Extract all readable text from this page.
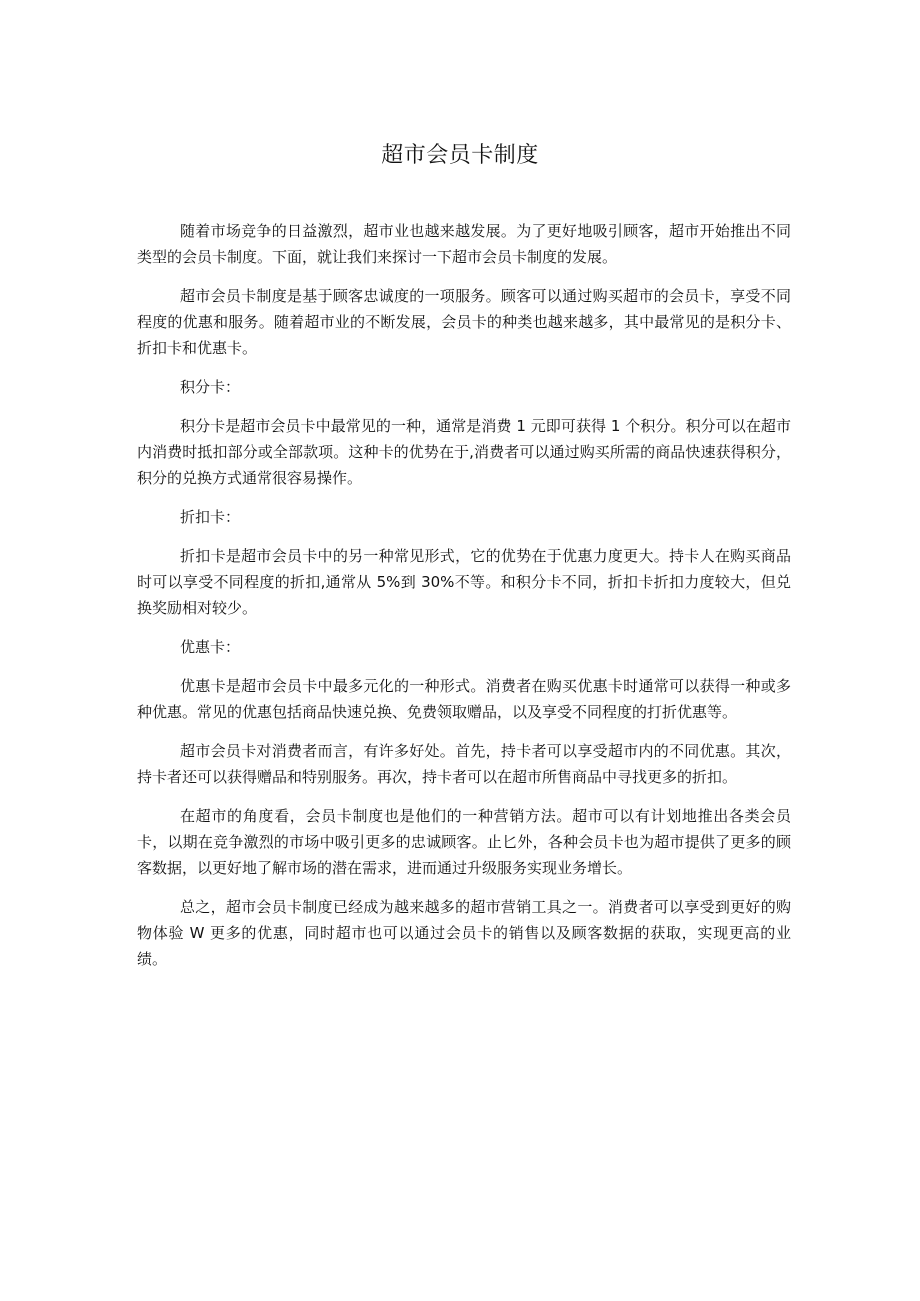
超市会员卡制度

随着市场竞争的日益激烈，超市业也越来越发展。为了更好地吸引顾客，超市开始推出不同类型的会员卡制度。下面，就让我们来探讨一下超市会员卡制度的发展。

超市会员卡制度是基于顾客忠诚度的一项服务。顾客可以通过购买超市的会员卡，享受不同程度的优惠和服务。随着超市业的不断发展，会员卡的种类也越来越多，其中最常见的是积分卡、折扣卡和优惠卡。

积分卡：

积分卡是超市会员卡中最常见的一种，通常是消费 1 元即可获得 1 个积分。积分可以在超市内消费时抵扣部分或全部款项。这种卡的优势在于,消费者可以通过购买所需的商品快速获得积分，积分的兑换方式通常很容易操作。

折扣卡：

折扣卡是超市会员卡中的另一种常见形式，它的优势在于优惠力度更大。持卡人在购买商品时可以享受不同程度的折扣,通常从 5%到 30%不等。和积分卡不同，折扣卡折扣力度较大，但兑换奖励相对较少。

优惠卡：

优惠卡是超市会员卡中最多元化的一种形式。消费者在购买优惠卡时通常可以获得一种或多种优惠。常见的优惠包括商品快速兑换、免费领取赠品，以及享受不同程度的打折优惠等。

超市会员卡对消费者而言，有许多好处。首先，持卡者可以享受超市内的不同优惠。其次，持卡者还可以获得赠品和特别服务。再次，持卡者可以在超市所售商品中寻找更多的折扣。

在超市的角度看，会员卡制度也是他们的一种营销方法。超市可以有计划地推出各类会员卡，以期在竞争激烈的市场中吸引更多的忠诚顾客。止匕外，各种会员卡也为超市提供了更多的顾客数据，以更好地了解市场的潜在需求，进而通过升级服务实现业务增长。

总之，超市会员卡制度已经成为越来越多的超市营销工具之一。消费者可以享受到更好的购物体验 W 更多的优惠，同时超市也可以通过会员卡的销售以及顾客数据的获取，实现更高的业绩。
